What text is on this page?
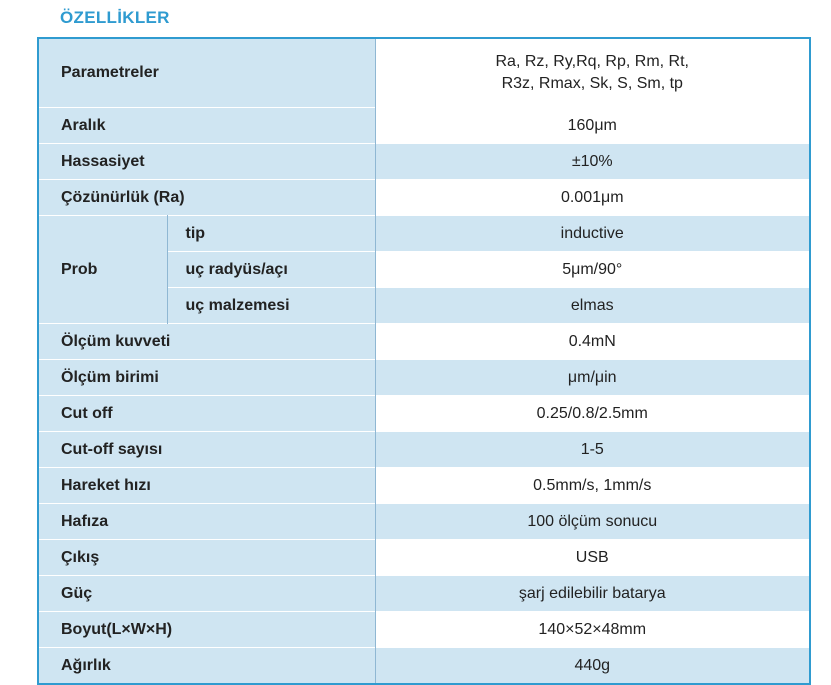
ÖZELLİKLER
Parametreler		Ra, Rz, Ry,Rq, Rp, Rm, Rt,
R3z, Rmax, Sk, S, Sm, tp

Aralık		160μm
Hassasiyet		±10%
Çözünürlük (Ra)		0.001μm
Prob	tip	inductive
	uç radyüs/açı	5μm/90°
	uç malzemesi	elmas
Ölçüm kuvveti		0.4mN
Ölçüm birimi		μm/μin
Cut off		0.25/0.8/2.5mm
Cut-off sayısı		1-5
Hareket hızı		0.5mm/s, 1mm/s
Hafıza		100 ölçüm sonucu
Çıkış		USB
Güç		şarj edilebilir batarya
Boyut(L×W×H)		140×52×48mm
Ağırlık		440g
